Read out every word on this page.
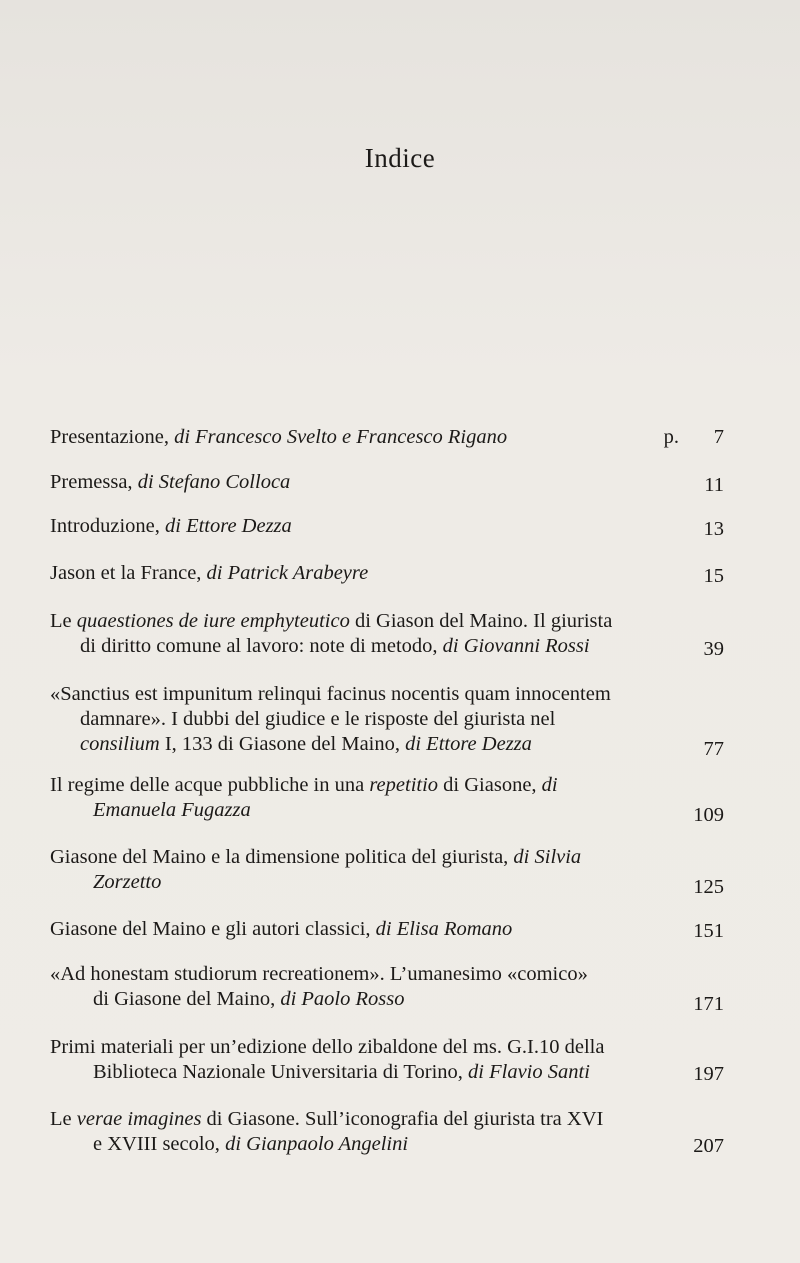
Indice
Presentazione, di Francesco Svelto e Francesco Rigano	p. 7
Premessa, di Stefano Colloca	11
Introduzione, di Ettore Dezza	13
Jason et la France, di Patrick Arabeyre	15
Le quaestiones de iure emphyteutico di Giason del Maino. Il giurista
di diritto comune al lavoro: note di metodo, di Giovanni Rossi	39
«Sanctius est impunitum relinqui facinus nocentis quam innocentem
damnare». I dubbi del giudice e le risposte del giurista nel
consilium I, 133 di Giasone del Maino, di Ettore Dezza	77
Il regime delle acque pubbliche in una repetitio di Giasone, di
Emanuela Fugazza	109
Giasone del Maino e la dimensione politica del giurista, di Silvia
Zorzetto	125
Giasone del Maino e gli autori classici, di Elisa Romano	151
«Ad honestam studiorum recreationem». L’umanesimo «comico»
di Giasone del Maino, di Paolo Rosso	171
Primi materiali per un’edizione dello zibaldone del ms. G.I.10 della
Biblioteca Nazionale Universitaria di Torino, di Flavio Santi	197
Le verae imagines di Giasone. Sull’iconografia del giurista tra XVI
e XVIII secolo, di Gianpaolo Angelini	207
